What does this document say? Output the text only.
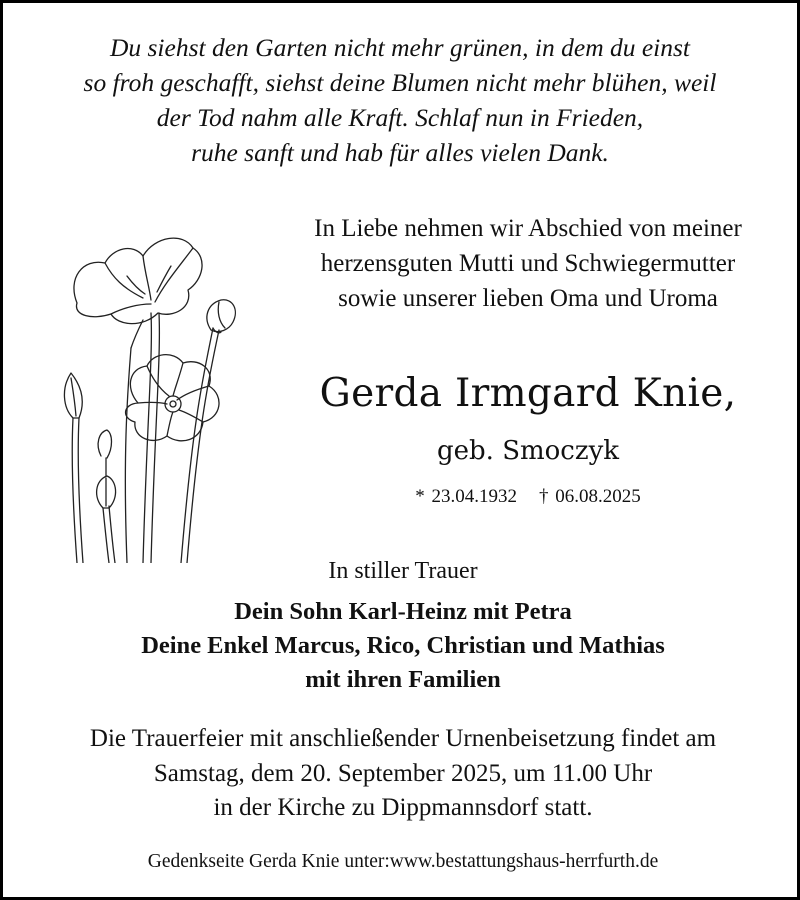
Du siehst den Garten nicht mehr grünen, in dem du einst
so froh geschafft, siehst deine Blumen nicht mehr blühen, weil
der Tod nahm alle Kraft. Schlaf nun in Frieden,
ruhe sanft und hab für alles vielen Dank.
In Liebe nehmen wir Abschied von meiner
herzensguten Mutti und Schwiegermutter
sowie unserer lieben Oma und Uroma
Gerda Irmgard Knie,
geb. Smoczyk
* 23.04.1932 † 06.08.2025
In stiller Trauer
Dein Sohn Karl-Heinz mit Petra
Deine Enkel Marcus, Rico, Christian und Mathias
mit ihren Familien
Die Trauerfeier mit anschließender Urnenbeisetzung findet am
Samstag, dem 20. September 2025, um 11.00 Uhr
in der Kirche zu Dippmannsdorf statt.
Gedenkseite Gerda Knie unter:www.bestattungshaus-herrfurth.de
